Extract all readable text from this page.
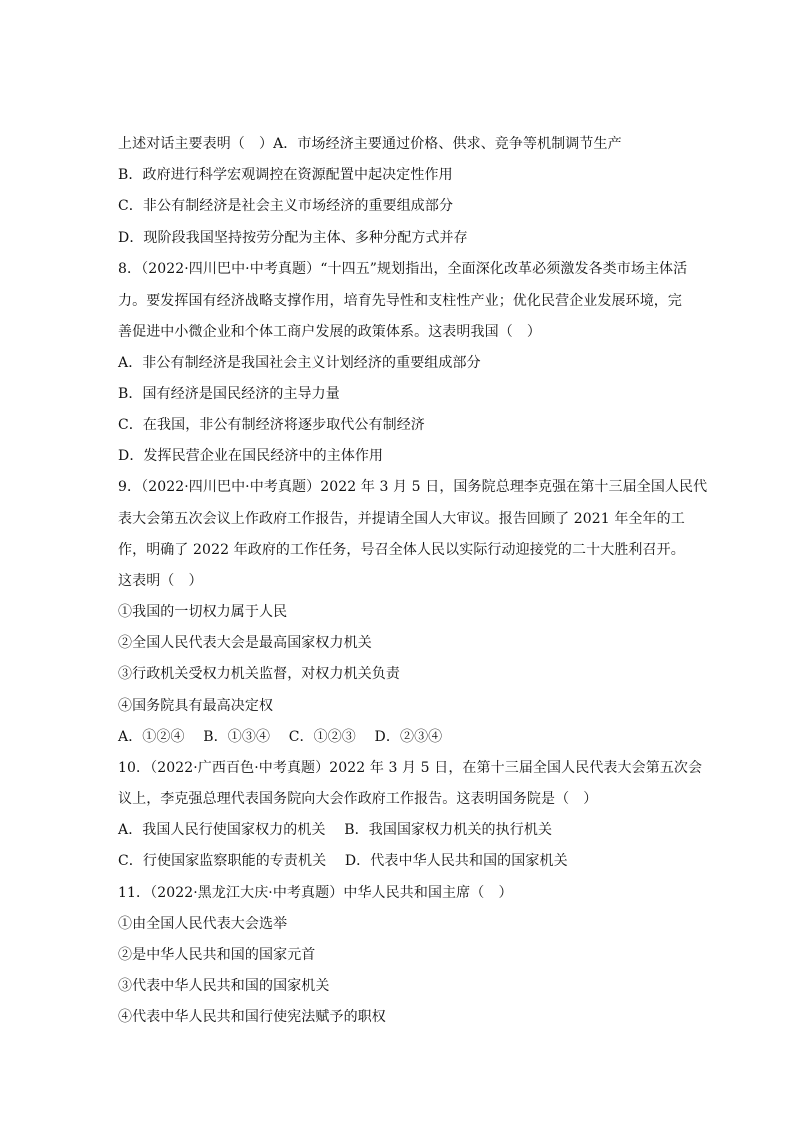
上述对话主要表明（　）A．市场经济主要通过价格、供求、竞争等机制调节生产
B．政府进行科学宏观调控在资源配置中起决定性作用
C．非公有制经济是社会主义市场经济的重要组成部分
D．现阶段我国坚持按劳分配为主体、多种分配方式并存
8．（2022·四川巴中·中考真题）“十四五”规划指出，全面深化改革必须激发各类市场主体活
力。要发挥国有经济战略支撑作用，培育先导性和支柱性产业；优化民营企业发展环境，完
善促进中小微企业和个体工商户发展的政策体系。这表明我国（　）
A．非公有制经济是我国社会主义计划经济的重要组成部分
B．国有经济是国民经济的主导力量
C．在我国，非公有制经济将逐步取代公有制经济
D．发挥民营企业在国民经济中的主体作用
9．（2022·四川巴中·中考真题）2022 年 3 月 5 日，国务院总理李克强在第十三届全国人民代
表大会第五次会议上作政府工作报告，并提请全国人大审议。报告回顾了 2021 年全年的工
作，明确了 2022 年政府的工作任务，号召全体人民以实际行动迎接党的二十大胜利召开。
这表明（　）
①我国的一切权力属于人民
②全国人民代表大会是最高国家权力机关
③行政机关受权力机关监督，对权力机关负责
④国务院具有最高决定权
A．①②④　 B．①③④　 C．①②③　 D．②③④
10．（2022·广西百色·中考真题）2022 年 3 月 5 日，在第十三届全国人民代表大会第五次会
议上，李克强总理代表国务院向大会作政府工作报告。这表明国务院是（　）
A．我国人民行使国家权力的机关　 B．我国国家权力机关的执行机关
C．行使国家监察职能的专责机关　 D．代表中华人民共和国的国家机关
11．（2022·黑龙江大庆·中考真题）中华人民共和国主席（　）
①由全国人民代表大会选举
②是中华人民共和国的国家元首
③代表中华人民共和国的国家机关
④代表中华人民共和国行使宪法赋予的职权
